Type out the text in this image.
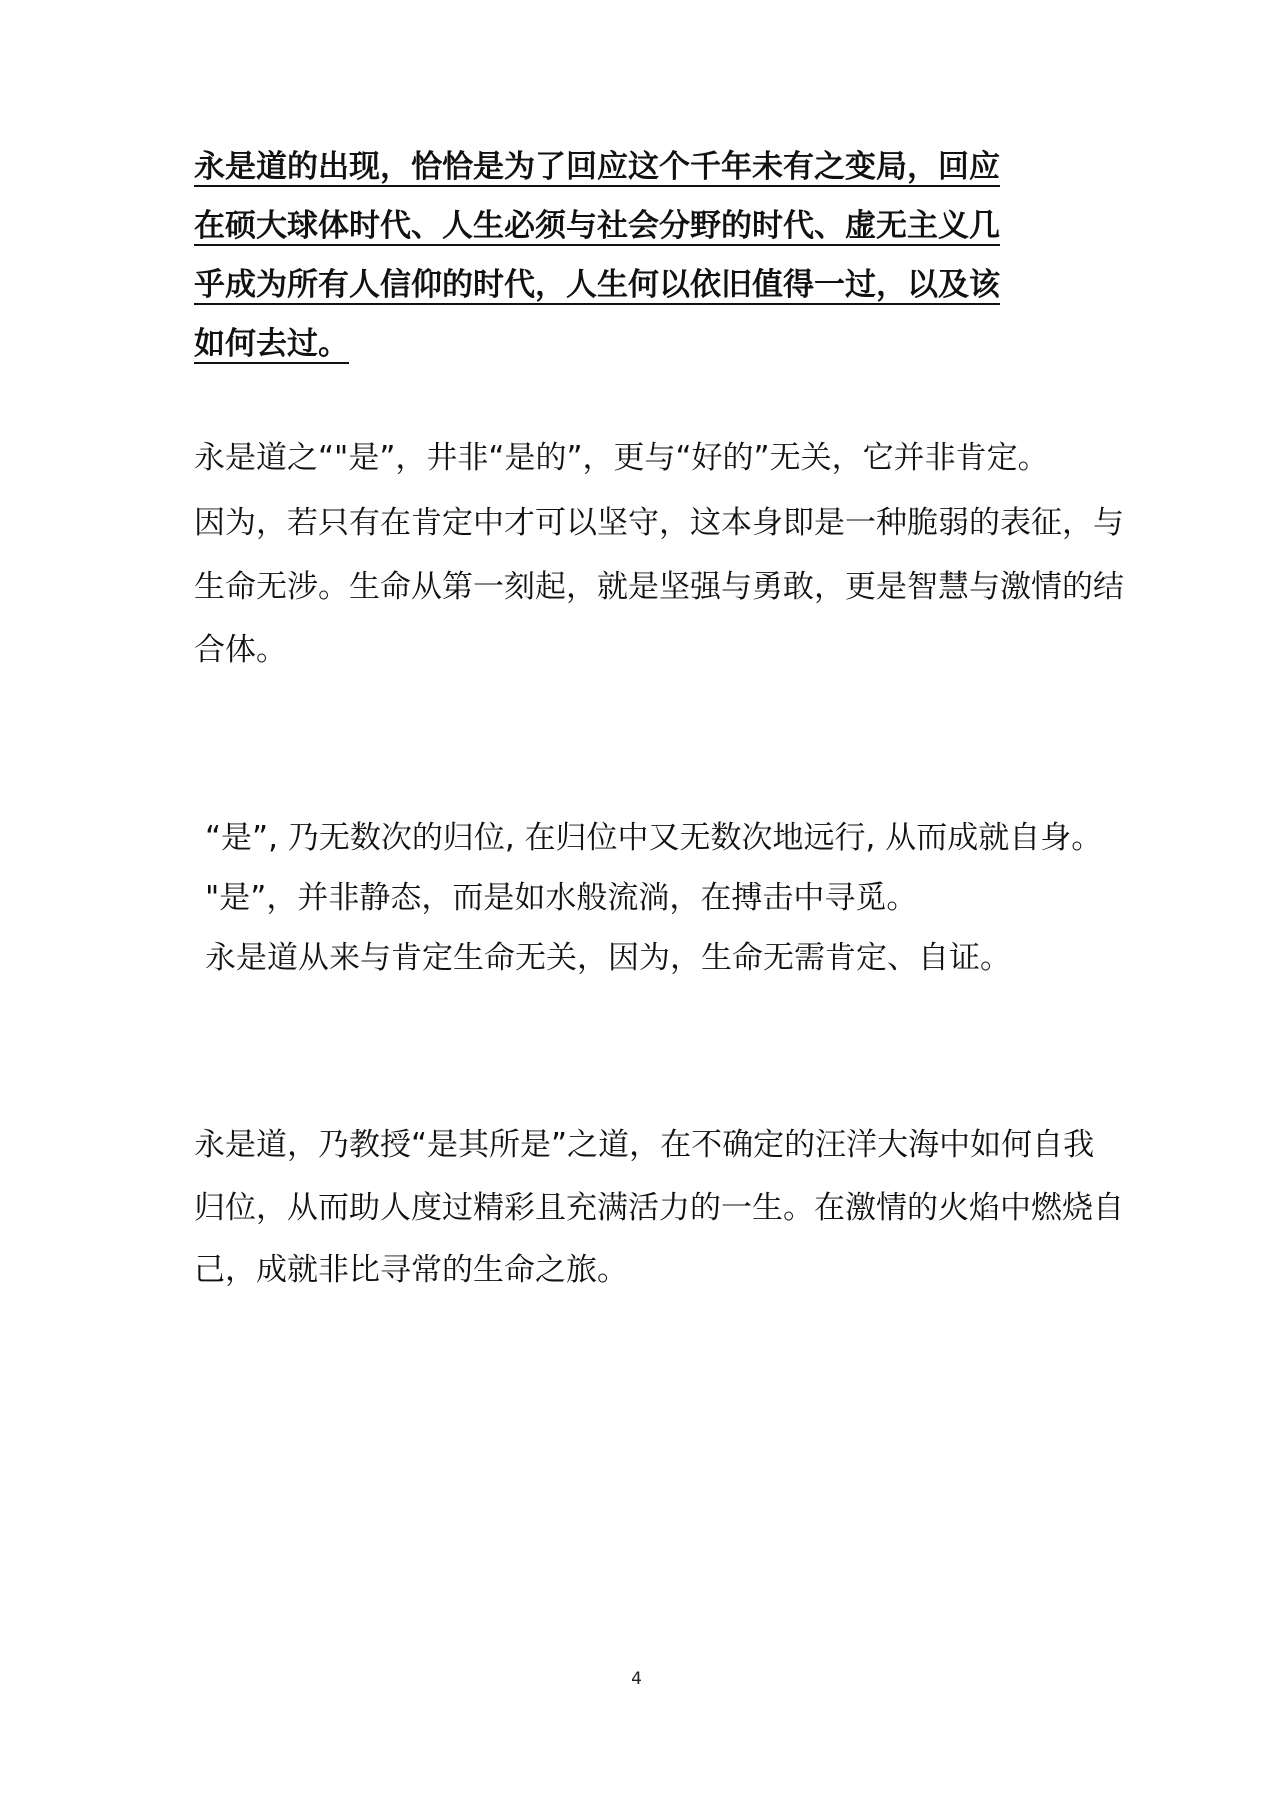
永是道的出现，恰恰是为了回应这个千年未有之变局，回应

在硕大球体时代、人生必须与社会分野的时代、虚无主义几

乎成为所有人信仰的时代，人生何以依旧值得一过，以及该

如何去过。

永是道之“"是”，井非“是的”，更与“好的”无关，它并非肯定。

因为，若只有在肯定中才可以坚守，这本身即是一种脆弱的表征，与

生命无涉。生命从第一刻起，就是坚强与勇敢，更是智慧与激情的结

合体。

“是”, 乃无数次的归位, 在归位中又无数次地远行, 从而成就自身。

"是”，并非静态，而是如水般流淌，在搏击中寻觅。

永是道从来与肯定生命无关，因为，生命无需肯定、自证。

永是道，乃教授“是其所是”之道，在不确定的汪洋大海中如何自我

归位，从而助人度过精彩且充满活力的一生。在激情的火焰中燃烧自

己，成就非比寻常的生命之旅。

4
